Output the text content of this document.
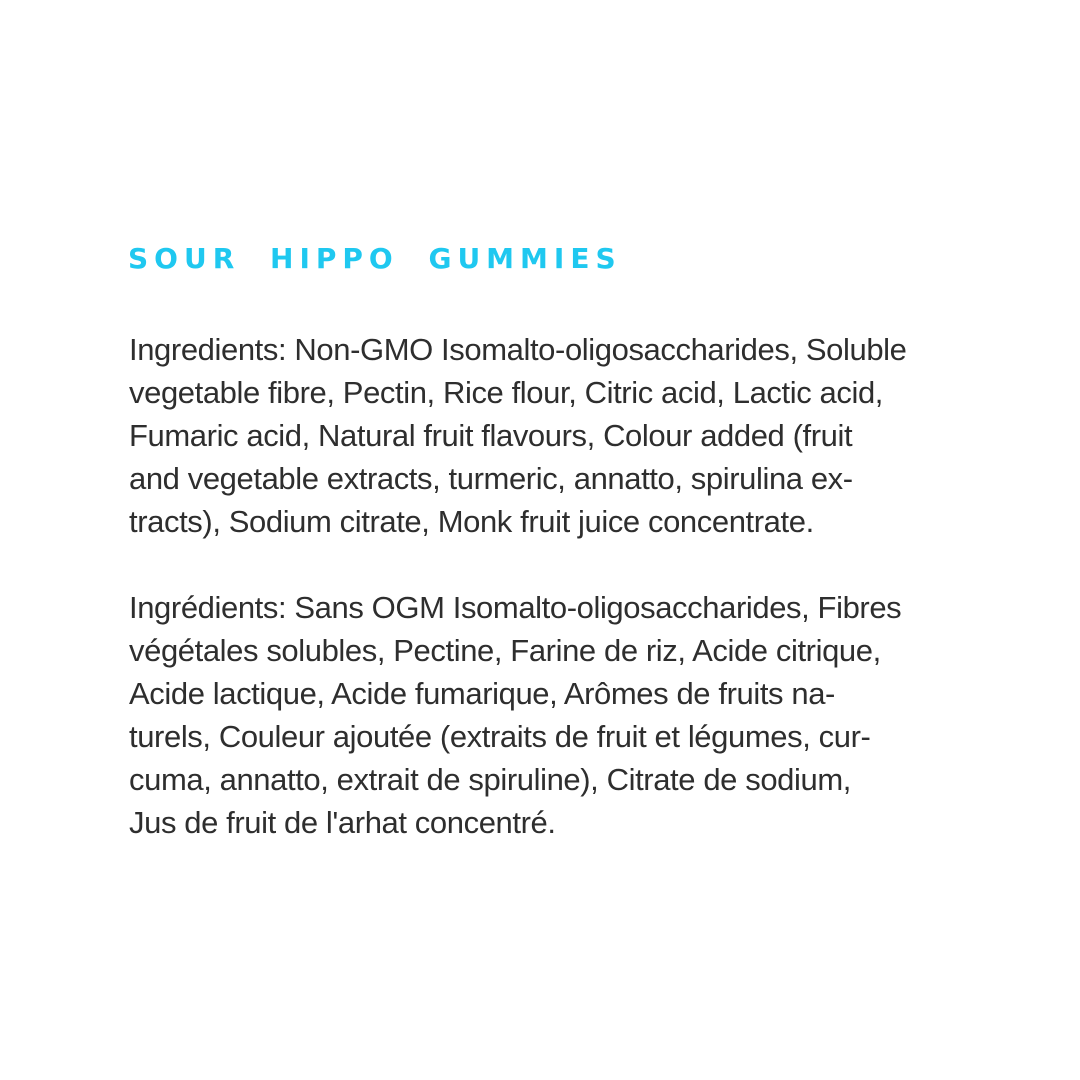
SOUR HIPPO GUMMIES
Ingredients: Non-GMO Isomalto-oligosaccharides, Soluble
vegetable fibre, Pectin, Rice flour, Citric acid, Lactic acid,
Fumaric acid, Natural fruit flavours, Colour added (fruit
and vegetable extracts, turmeric, annatto, spirulina ex-
tracts), Sodium citrate, Monk fruit juice concentrate.
Ingrédients: Sans OGM Isomalto-oligosaccharides, Fibres
végétales solubles, Pectine, Farine de riz, Acide citrique,
Acide lactique, Acide fumarique, Arômes de fruits na-
turels, Couleur ajoutée (extraits de fruit et légumes, cur-
cuma, annatto, extrait de spiruline), Citrate de sodium,
Jus de fruit de l'arhat concentré.
